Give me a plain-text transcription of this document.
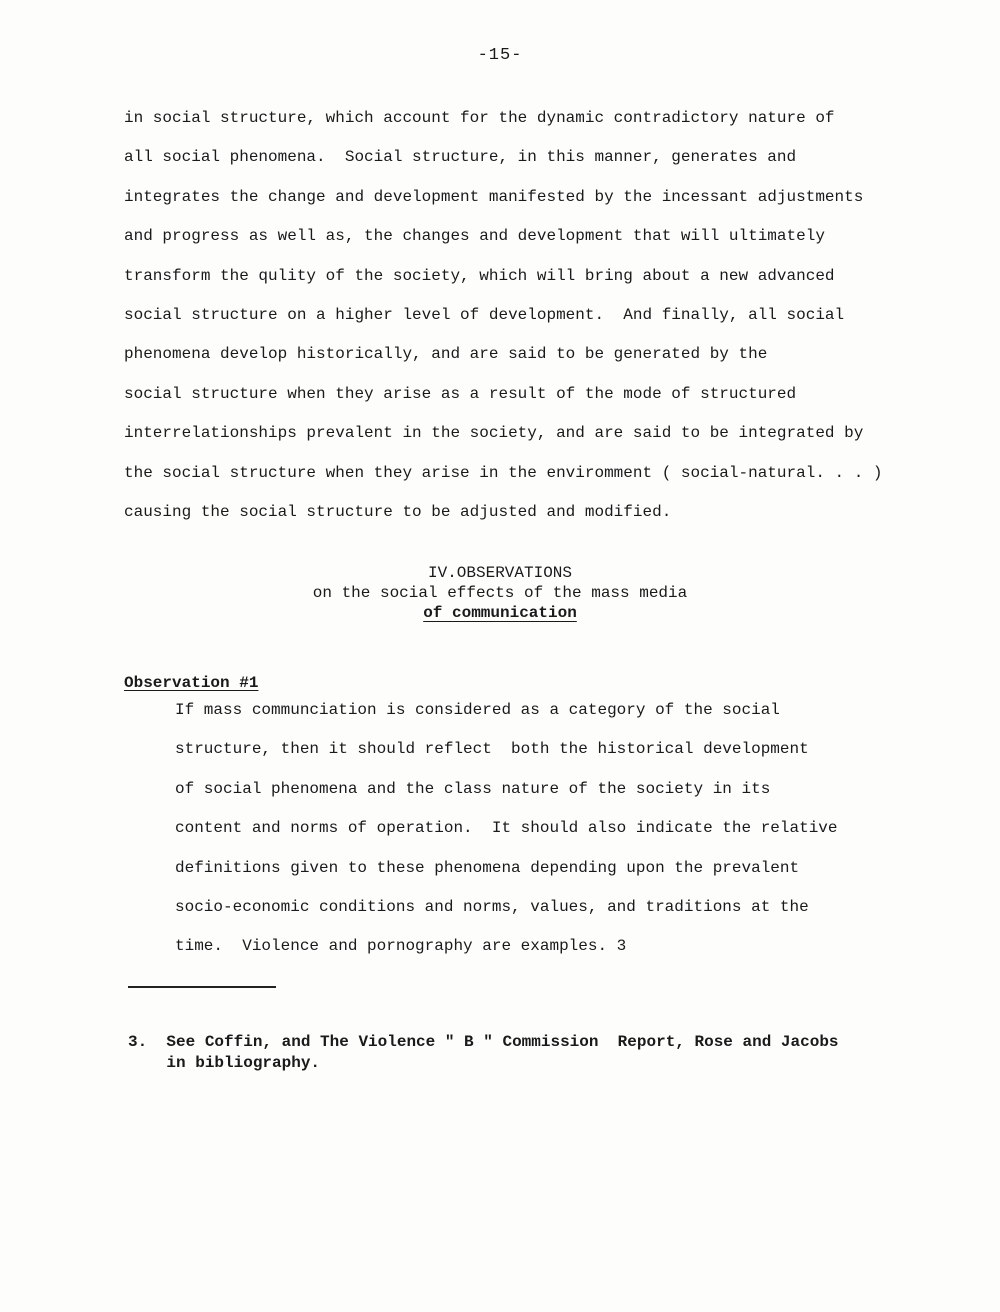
-15-
in social structure, which account for the dynamic contradictory nature of
all social phenomena.  Social structure, in this manner, generates and
integrates the change and development manifested by the incessant adjustments
and progress as well as, the changes and development that will ultimately
transform the qulity of the society, which will bring about a new advanced
social structure on a higher level of development.  And finally, all social
phenomena develop historically, and are said to be generated by the
social structure when they arise as a result of the mode of structured
interrelationships prevalent in the society, and are said to be integrated by
the social structure when they arise in the enviromment ( social-natural. . . )
causing the social structure to be adjusted and modified.
IV.OBSERVATIONS
on the social effects of the mass media
of communication
Observation #1
If mass communciation is considered as a category of the social
structure, then it should reflect  both the historical development
of social phenomena and the class nature of the society in its
content and norms of operation.  It should also indicate the relative
definitions given to these phenomena depending upon the prevalent
socio-economic conditions and norms, values, and traditions at the
time.  Violence and pornography are examples. 3
3.  See Coffin, and The Violence " B " Commission  Report, Rose and Jacobs
in bibliography.
